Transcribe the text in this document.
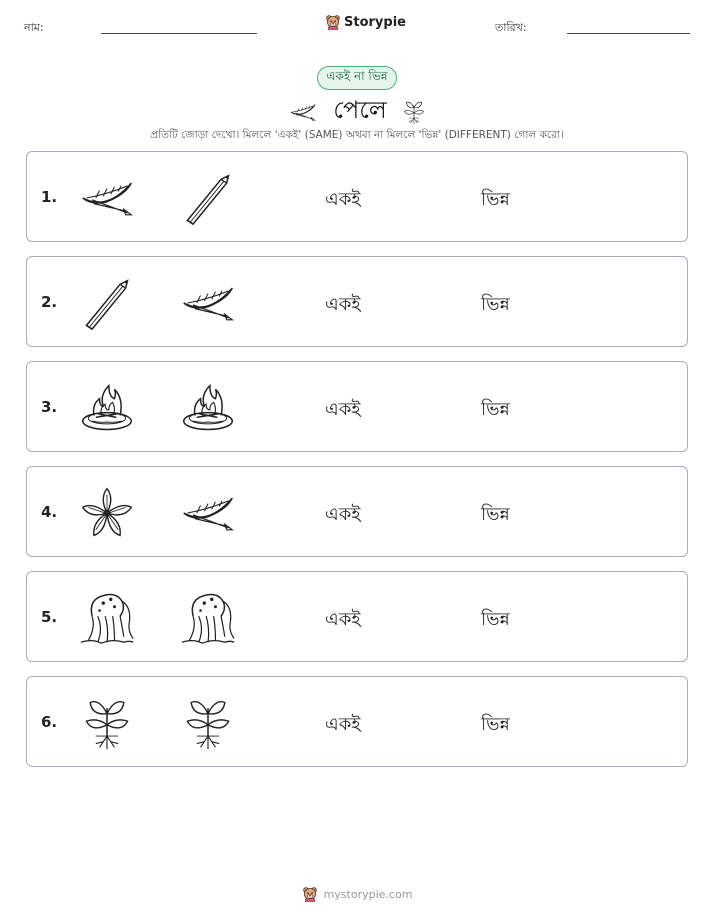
নাম:	Storypie	তারিখ:
একই না ভিন্ন
পেলে
প্রতিটি জোড়া দেখো। মিললে 'একই' (SAME) অথবা না মিললে 'ভিন্ন' (DIFFERENT) গোল করো।
1.	একই	ভিন্ন
2.	একই	ভিন্ন
3.	একই	ভিন্ন
4.	একই	ভিন্ন
5.	একই	ভিন্ন
6.	একই	ভিন্ন
mystorypie.com
